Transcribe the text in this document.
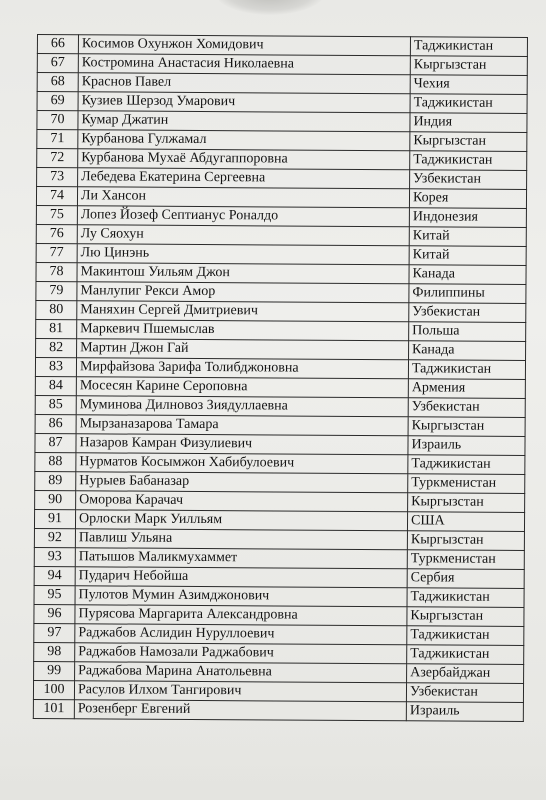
66	Косимов Охунжон Хомидович	Таджикистан
67	Костромина Анастасия Николаевна	Кыргызстан
68	Краснов Павел	Чехия
69	Кузиев Шерзод Умарович	Таджикистан
70	Кумар Джатин	Индия
71	Курбанова Гулжамал	Кыргызстан
72	Курбанова Мухаё Абдугаппоровна	Таджикистан
73	Лебедева Екатерина Сергеевна	Узбекистан
74	Ли Хансон	Корея
75	Лопез Йозеф Септианус Роналдо	Индонезия
76	Лу Сяохун	Китай
77	Лю Цинэнь	Китай
78	Макинтош Уильям Джон	Канада
79	Манлупиг Рекси Амор	Филиппины
80	Маняхин Сергей Дмитриевич	Узбекистан
81	Маркевич Пшемыслав	Польша
82	Мартин Джон Гай	Канада
83	Мирфайзова Зарифа Толибджоновна	Таджикистан
84	Мосесян Карине Сероповна	Армения
85	Муминова Дилновоз Зиядуллаевна	Узбекистан
86	Мырзаназарова Тамара	Кыргызстан
87	Назаров Камран Физулиевич	Израиль
88	Нурматов Косымжон Хабибулоевич	Таджикистан
89	Нурыев Бабаназар	Туркменистан
90	Оморова Карачач	Кыргызстан
91	Орлоски Марк Уилльям	США
92	Павлиш Ульяна	Кыргызстан
93	Патышов Маликмухаммет	Туркменистан
94	Пударич Небойша	Сербия
95	Пулотов Мумин Азимджонович	Таджикистан
96	Пурясова Маргарита Александровна	Кыргызстан
97	Раджабов Аслидин Нуруллоевич	Таджикистан
98	Раджабов Намозали Раджабович	Таджикистан
99	Раджабова Марина Анатольевна	Азербайджан
100	Расулов Илхом Тангирович	Узбекистан
101	Розенберг Евгений	Израиль
